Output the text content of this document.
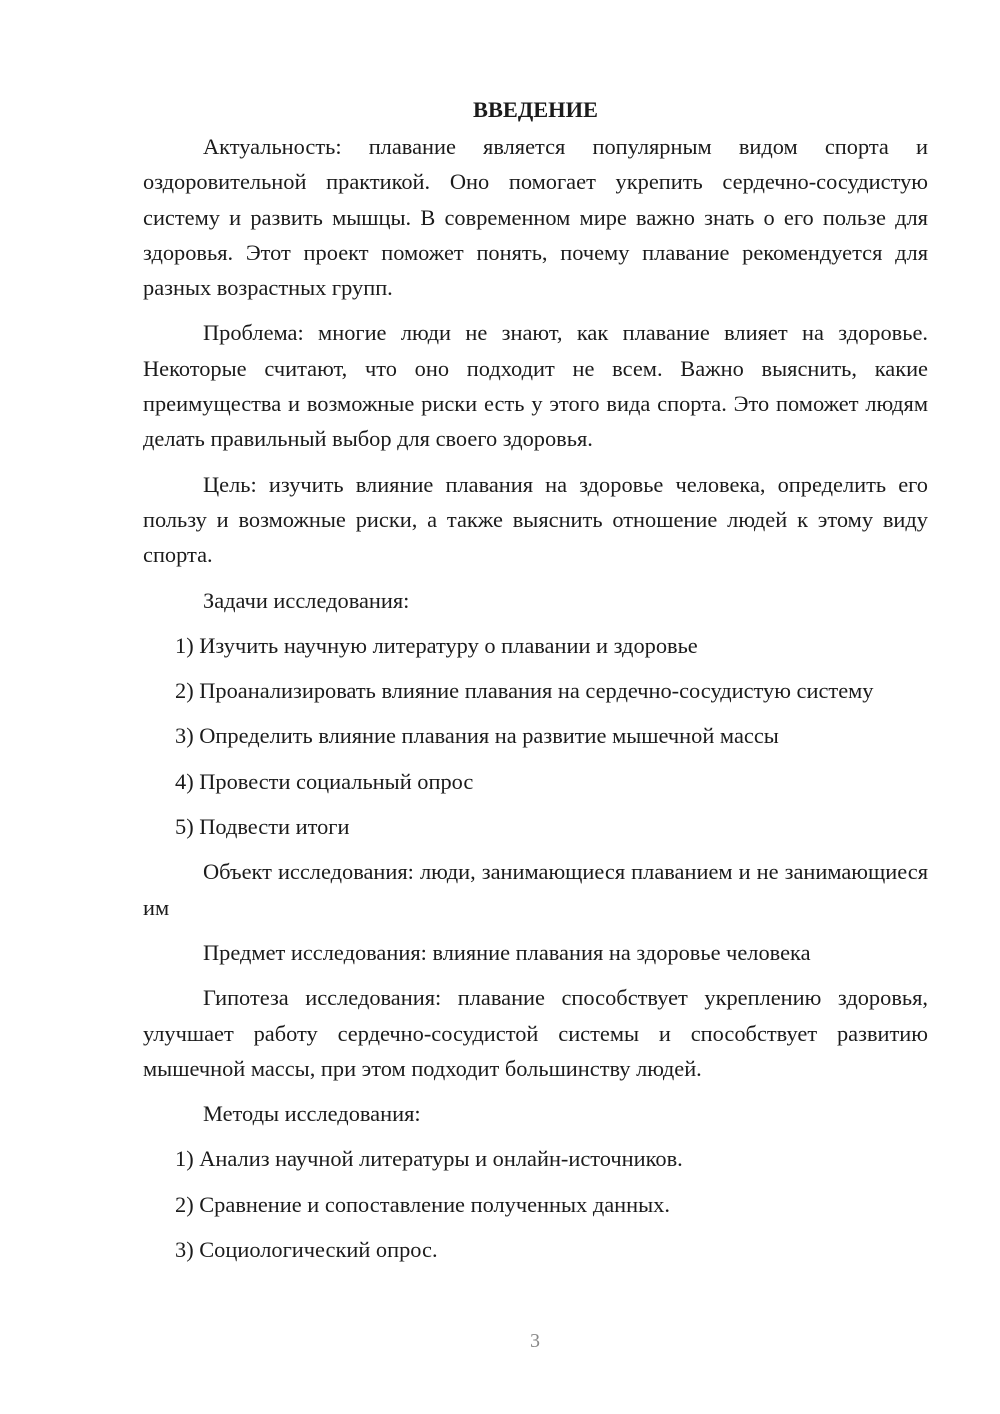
ВВЕДЕНИЕ

Актуальность: плавание является популярным видом спорта и оздоровительной практикой. Оно помогает укрепить сердечно-сосудистую систему и развить мышцы. В современном мире важно знать о его пользе для здоровья. Этот проект поможет понять, почему плавание рекомендуется для разных возрастных групп.

Проблема: многие люди не знают, как плавание влияет на здоровье. Некоторые считают, что оно подходит не всем. Важно выяснить, какие преимущества и возможные риски есть у этого вида спорта. Это поможет людям делать правильный выбор для своего здоровья.

Цель: изучить влияние плавания на здоровье человека, определить его пользу и возможные риски, а также выяснить отношение людей к этому виду спорта.

Задачи исследования:

1) Изучить научную литературу о плавании и здоровье

2) Проанализировать влияние плавания на сердечно-сосудистую систему

3) Определить влияние плавания на развитие мышечной массы

4) Провести социальный опрос

5) Подвести итоги

Объект исследования: люди, занимающиеся плаванием и не занимающиеся им

Предмет исследования: влияние плавания на здоровье человека

Гипотеза исследования: плавание способствует укреплению здоровья, улучшает работу сердечно-сосудистой системы и способствует развитию мышечной массы, при этом подходит большинству людей.

Методы исследования:

1) Анализ научной литературы и онлайн-источников.

2) Сравнение и сопоставление полученных данных.

3) Социологический опрос.

3
